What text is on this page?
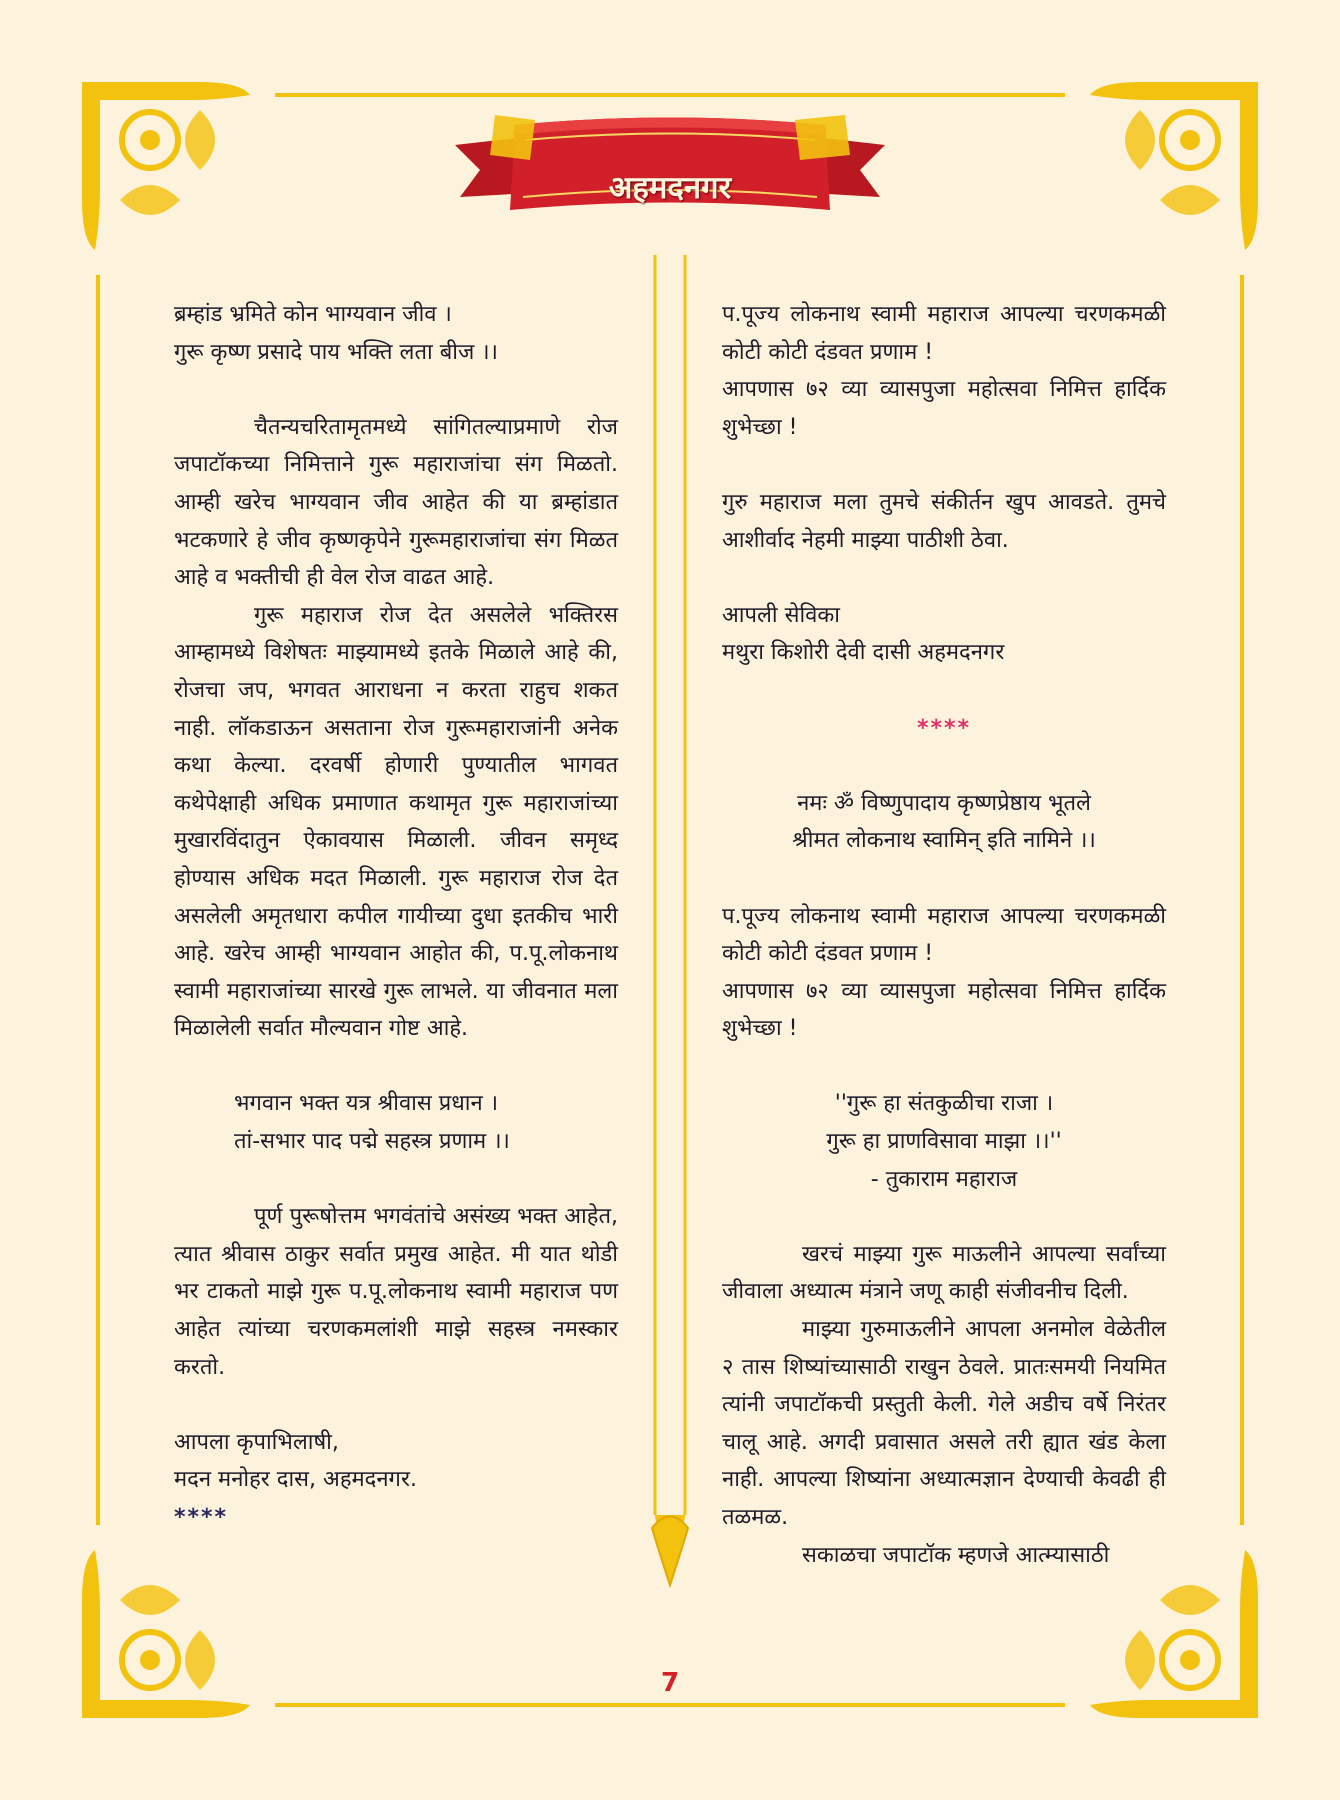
अहमदनगर

ब्रम्हांड भ्रमिते कोन भाग्यवान जीव ।

गुरू कृष्ण प्रसादे पाय भक्ति लता बीज ।।

चैतन्यचरितामृतमध्ये सांगितल्याप्रमाणे रोज जपाटॉकच्या निमित्ताने गुरू महाराजांचा संग मिळतो. आम्ही खरेच भाग्यवान जीव आहेत की या ब्रम्हांडात भटकणारे हे जीव कृष्णकृपेने गुरूमहाराजांचा संग मिळत आहे व भक्तीची ही वेल रोज वाढत आहे.

गुरू महाराज रोज देत असलेले भक्तिरस आम्हामध्ये विशेषतः माझ्यामध्ये इतके मिळाले आहे की, रोजचा जप, भगवत आराधना न करता राहुच शकत नाही. लॉकडाऊन असताना रोज गुरूमहाराजांनी अनेक कथा केल्या. दरवर्षी होणारी पुण्यातील भागवत कथेपेक्षाही अधिक प्रमाणात कथामृत गुरू महाराजांच्या मुखारविंदातुन ऐकावयास मिळाली. जीवन समृध्द होण्यास अधिक मदत मिळाली. गुरू महाराज रोज देत असलेली अमृतधारा कपील गायीच्या दुधा इतकीच भारी आहे. खरेच आम्ही भाग्यवान आहोत की, प.पू.लोकनाथ स्वामी महाराजांच्या सारखे गुरू लाभले. या जीवनात मला मिळालेली सर्वात मौल्यवान गोष्ट आहे.

भगवान भक्त यत्र श्रीवास प्रधान ।

तां-सभार पाद पद्मे सहस्त्र प्रणाम ।।

पूर्ण पुरूषोत्तम भगवंतांचे असंख्य भक्त आहेत, त्यात श्रीवास ठाकुर सर्वात प्रमुख आहेत. मी यात थोडी भर टाकतो माझे गुरू प.पू.लोकनाथ स्वामी महाराज पण आहेत त्यांच्या चरणकमलांशी माझे सहस्त्र नमस्कार करतो.

आपला कृपाभिलाषी,

मदन मनोहर दास, अहमदनगर.

****

प.पूज्य लोकनाथ स्वामी महाराज आपल्या चरणकमळी कोटी कोटी दंडवत प्रणाम !

आपणास ७२ व्या व्यासपुजा महोत्सवा निमित्त हार्दिक शुभेच्छा !

गुरु महाराज मला तुमचे संकीर्तन खुप आवडते. तुमचे आशीर्वाद नेहमी माझ्या पाठीशी ठेवा.

आपली सेविका

मथुरा किशोरी देवी दासी अहमदनगर

****

नमः ॐ विष्णुपादाय कृष्णप्रेष्ठाय भूतले

श्रीमत लोकनाथ स्वामिन् इति नामिने ।।

प.पूज्य लोकनाथ स्वामी महाराज आपल्या चरणकमळी कोटी कोटी दंडवत प्रणाम !

आपणास ७२ व्या व्यासपुजा महोत्सवा निमित्त हार्दिक शुभेच्छा !

''गुरू हा संतकुळीचा राजा ।

गुरू हा प्राणविसावा माझा ।।''

- तुकाराम महाराज

खरचं माझ्या गुरू माऊलीने आपल्या सर्वांच्या जीवाला अध्यात्म मंत्राने जणू काही संजीवनीच दिली.

माझ्या गुरुमाऊलीने आपला अनमोल वेळेतील २ तास शिष्यांच्यासाठी राखुन ठेवले. प्रातःसमयी नियमित त्यांनी जपाटॉकची प्रस्तुती केली. गेले अडीच वर्षे निरंतर चालू आहे. अगदी प्रवासात असले तरी ह्यात खंड केला नाही. आपल्या शिष्यांना अध्यात्मज्ञान देण्याची केवढी ही तळमळ.

सकाळचा जपाटॉक म्हणजे आत्म्यासाठी

7
